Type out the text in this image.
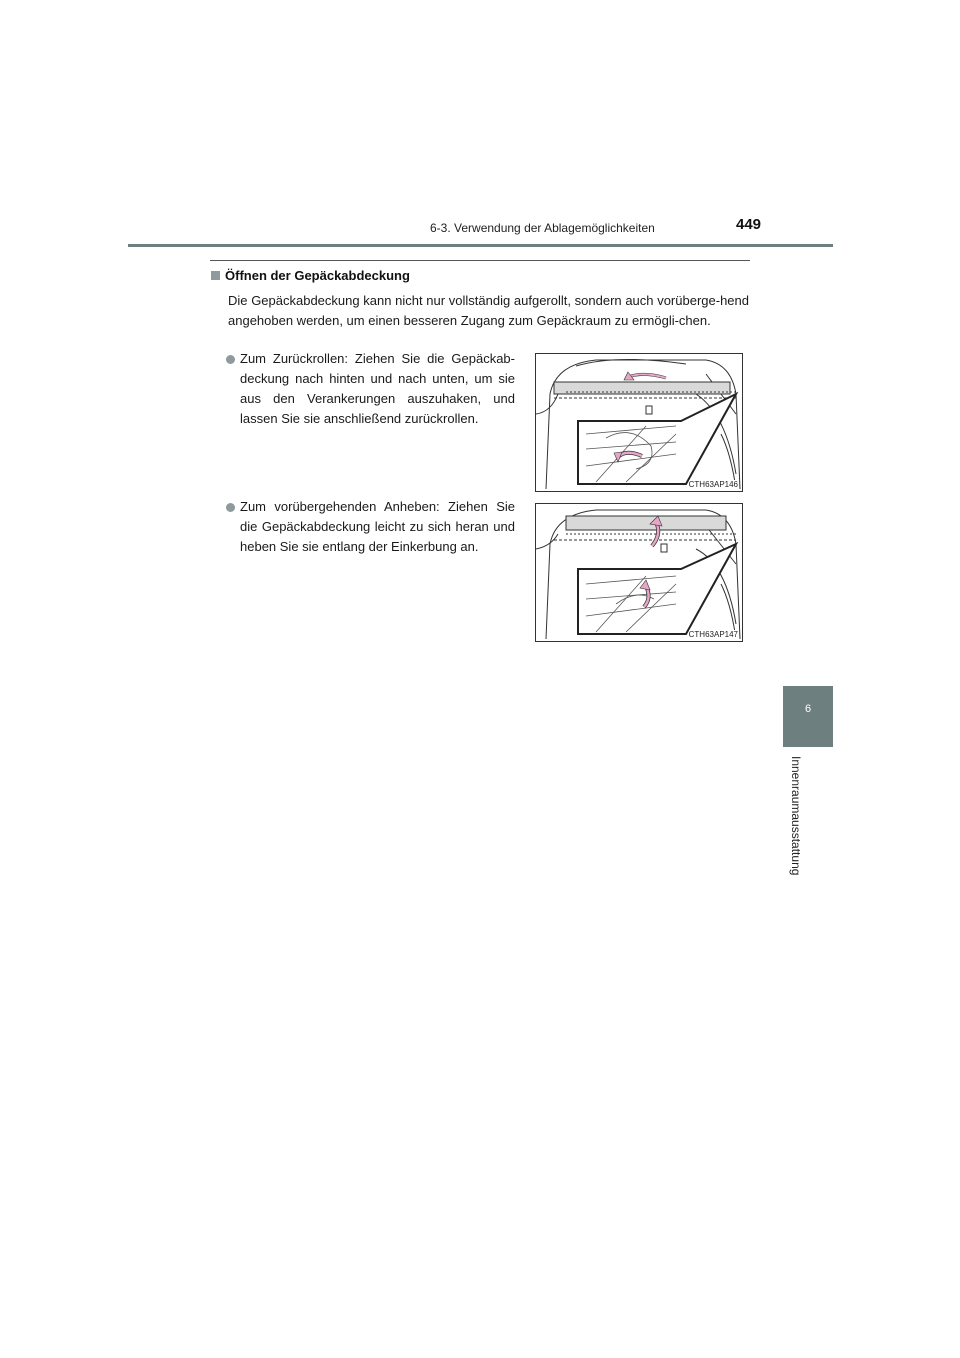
6-3. Verwendung der Ablagemöglichkeiten	449
6
Innenraumausstattung
Öffnen der Gepäckabdeckung
Die Gepäckabdeckung kann nicht nur vollständig aufgerollt, sondern auch vorüberge-hend angehoben werden, um einen besseren Zugang zum Gepäckraum zu ermögli-chen.
Zum Zurückrollen: Ziehen Sie die Gepäckab-deckung nach hinten und nach unten, um sie aus den Verankerungen auszuhaken, und lassen Sie sie anschließend zurückrollen.
CTH63AP146
Zum vorübergehenden Anheben: Ziehen Sie die Gepäckabdeckung leicht zu sich heran und heben Sie sie entlang der Einkerbung an.
CTH63AP147
